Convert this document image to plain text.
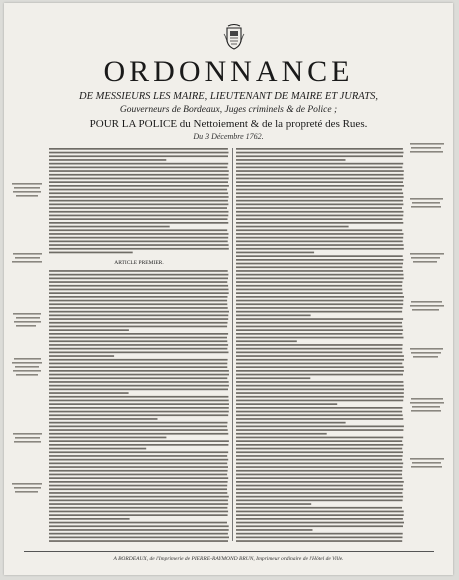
ORDONNANCE
DE MESSIEURS LES MAIRE, LIEUTENANT DE MAIRE ET JURATS,
Gouverneurs de Bordeaux, Juges criminels & de Police ;
POUR LA POLICE du Nettoiement & de la propreté des Rues.
Du 3 Décembre 1762.
ARTICLE PREMIER.
A BORDEAUX, de l'Imprimerie de PIERRE-RAYMOND BRUN, Imprimeur ordinaire de l'Hôtel de Ville.
